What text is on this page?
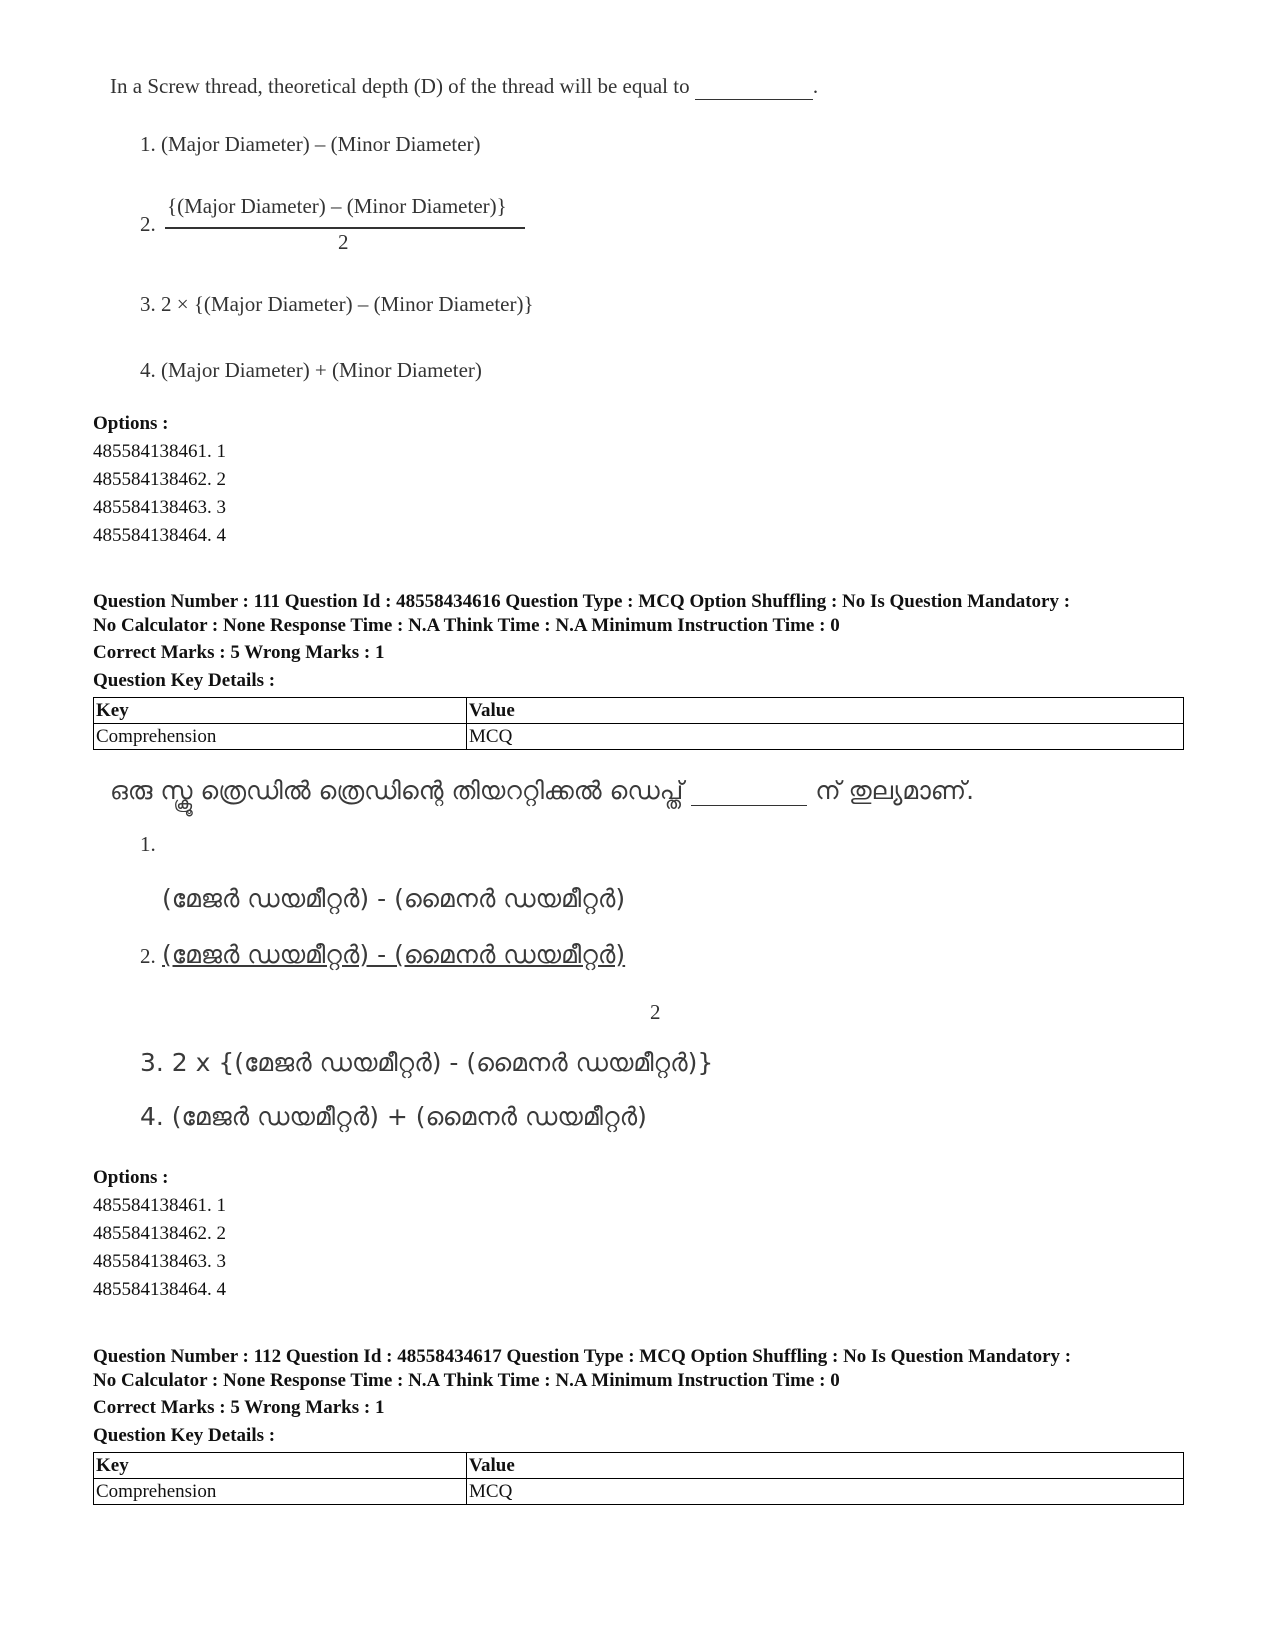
In a Screw thread, theoretical depth (D) of the thread will be equal to	.
1. (Major Diameter) – (Minor Diameter)
2.
{(Major Diameter) – (Minor Diameter)}
2
3. 2 × {(Major Diameter) – (Minor Diameter)}
4. (Major Diameter) + (Minor Diameter)
Options :
485584138461. 1
485584138462. 2
485584138463. 3
485584138464. 4
Question Number : 111 Question Id : 48558434616 Question Type : MCQ Option Shuffling : No Is Question Mandatory :
No Calculator : None Response Time : N.A Think Time : N.A Minimum Instruction Time : 0
Correct Marks : 5 Wrong Marks : 1
Question Key Details :
Key	Value
Comprehension	MCQ
ഒരു സ്ക്രൂ ത്രെഡിൽ ത്രെഡിന്റെ തിയററ്റിക്കൽ ഡെപ്ത്	ന് തുല്യമാണ്.
1.
(മേജർ ഡയമീറ്റർ) - (മൈനർ ഡയമീറ്റർ)
2. (മേജർ ഡയമീറ്റർ) - (മൈനർ ഡയമീറ്റർ)
2
3. 2 x {(മേജർ ഡയമീറ്റർ) - (മൈനർ ഡയമീറ്റർ)}
4. (മേജർ ഡയമീറ്റർ) + (മൈനർ ഡയമീറ്റർ)
Options :
485584138461. 1
485584138462. 2
485584138463. 3
485584138464. 4
Question Number : 112 Question Id : 48558434617 Question Type : MCQ Option Shuffling : No Is Question Mandatory :
No Calculator : None Response Time : N.A Think Time : N.A Minimum Instruction Time : 0
Correct Marks : 5 Wrong Marks : 1
Question Key Details :
Key	Value
Comprehension	MCQ
